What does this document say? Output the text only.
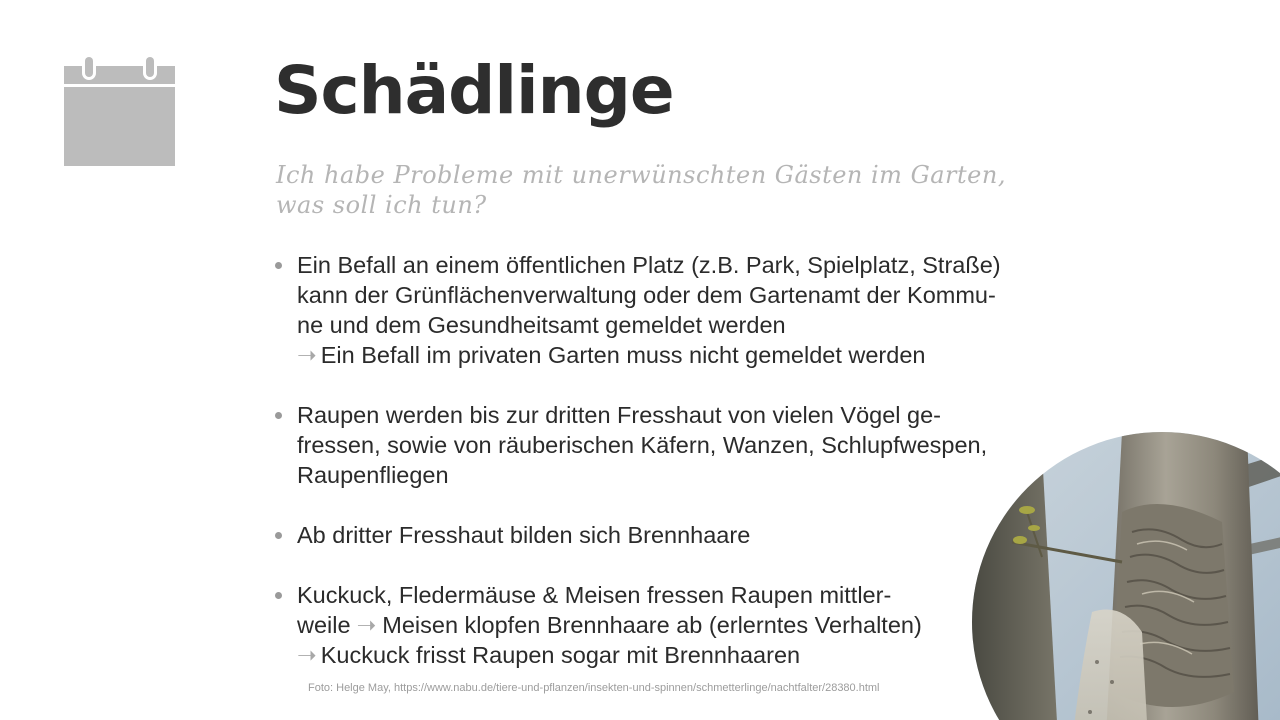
Schädlinge

Ich habe Probleme mit unerwünschten Gästen im Garten, was soll ich tun?

Ein Befall an einem öffentlichen Platz (z.B. Park, Spielplatz, Straße)
kann der Grünflächenverwaltung oder dem Gartenamt der Kommu-
ne und dem Gesundheitsamt gemeldet werden
➝ Ein Befall im privaten Garten muss nicht gemeldet werden
Raupen werden bis zur dritten Fresshaut von vielen Vögel ge-
fressen, sowie von räuberischen Käfern, Wanzen, Schlupfwespen,
Raupenfliegen
Ab dritter Fresshaut bilden sich Brennhaare
Kuckuck, Fledermäuse & Meisen fressen Raupen mittler-
weile ➝ Meisen klopfen Brennhaare ab (erlerntes Verhalten)
➝ Kuckuck frisst Raupen sogar mit Brennhaaren

Foto: Helge May, https://www.nabu.de/tiere-und-pflanzen/insekten-und-spinnen/schmetterlinge/nachtfalter/28380.html
